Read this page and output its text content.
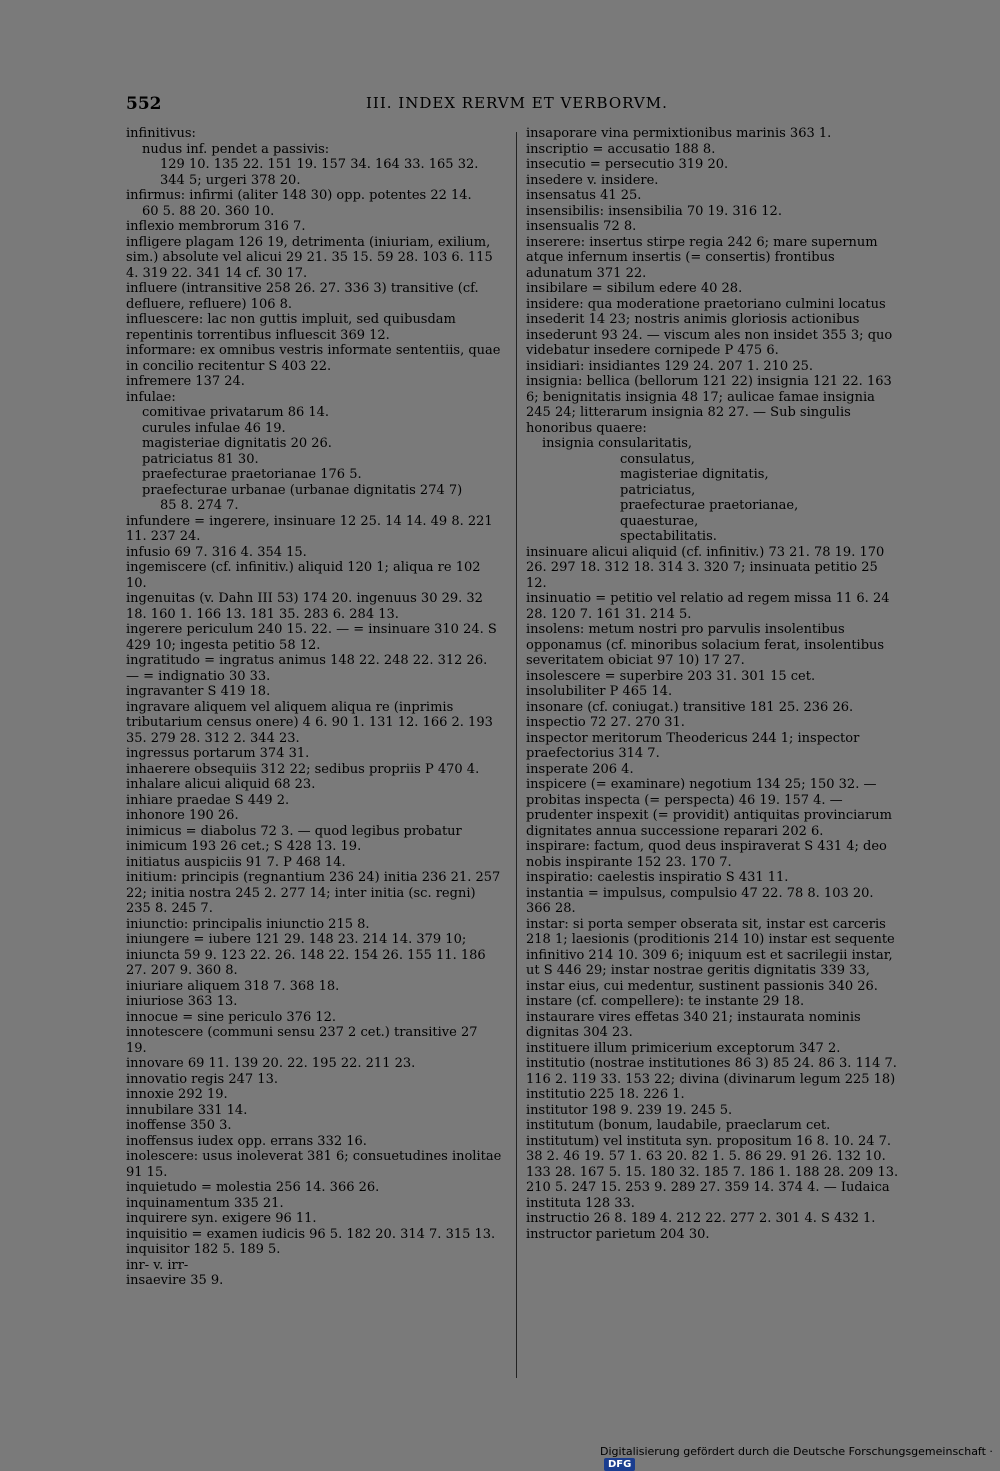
552	III. INDEX RERVM ET VERBORVM.
infinitivus:
nudus inf. pendet a passivis:
129 10. 135 22. 151 19. 157 34. 164 33. 165 32.
344 5; urgeri 378 20.
infirmus: infirmi (aliter 148 30) opp. potentes 22 14.
60 5. 88 20. 360 10.
inflexio membrorum 316 7.
infligere plagam 126 19, detrimenta (iniuriam, exilium, sim.) absolute vel alicui 29 21. 35 15. 59 28. 103 6. 115 4. 319 22. 341 14 cf. 30 17.
influere (intransitive 258 26. 27. 336 3) transitive (cf. defluere, refluere) 106 8.
influescere: lac non guttis impluit, sed quibusdam repentinis torrentibus influescit 369 12.
informare: ex omnibus vestris informate sententiis, quae in concilio recitentur S 403 22.
infremere 137 24.
infulae:
comitivae privatarum 86 14.
curules infulae 46 19.
magisteriae dignitatis 20 26.
patriciatus 81 30.
praefecturae praetorianae 176 5.
praefecturae urbanae (urbanae dignitatis 274 7)
85 8. 274 7.
infundere = ingerere, insinuare 12 25. 14 14. 49 8. 221 11. 237 24.
infusio 69 7. 316 4. 354 15.
ingemiscere (cf. infinitiv.) aliquid 120 1; aliqua re 102 10.
ingenuitas (v. Dahn III 53) 174 20. ingenuus 30 29. 32 18. 160 1. 166 13. 181 35. 283 6. 284 13.
ingerere periculum 240 15. 22. — = insinuare 310 24. S 429 10; ingesta petitio 58 12.
ingratitudo = ingratus animus 148 22. 248 22. 312 26. — = indignatio 30 33.
ingravanter S 419 18.
ingravare aliquem vel aliquem aliqua re (inprimis tributarium census onere) 4 6. 90 1. 131 12. 166 2. 193 35. 279 28. 312 2. 344 23.
ingressus portarum 374 31.
inhaerere obsequiis 312 22; sedibus propriis P 470 4.
inhalare alicui aliquid 68 23.
inhiare praedae S 449 2.
inhonore 190 26.
inimicus = diabolus 72 3. — quod legibus probatur inimicum 193 26 cet.; S 428 13. 19.
initiatus auspiciis 91 7. P 468 14.
initium: principis (regnantium 236 24) initia 236 21. 257 22; initia nostra 245 2. 277 14; inter initia (sc. regni) 235 8. 245 7.
iniunctio: principalis iniunctio 215 8.
iniungere = iubere 121 29. 148 23. 214 14. 379 10; iniuncta 59 9. 123 22. 26. 148 22. 154 26. 155 11. 186 27. 207 9. 360 8.
iniuriare aliquem 318 7. 368 18.
iniuriose 363 13.
innocue = sine periculo 376 12.
innotescere (communi sensu 237 2 cet.) transitive 27 19.
innovare 69 11. 139 20. 22. 195 22. 211 23.
innovatio regis 247 13.
innoxie 292 19.
innubilare 331 14.
inoffense 350 3.
inoffensus iudex opp. errans 332 16.
inolescere: usus inoleverat 381 6; consuetudines inolitae 91 15.
inquietudo = molestia 256 14. 366 26.
inquinamentum 335 21.
inquirere syn. exigere 96 11.
inquisitio = examen iudicis 96 5. 182 20. 314 7. 315 13.
inquisitor 182 5. 189 5.
inr- v. irr-
insaevire 35 9.
insaporare vina permixtionibus marinis 363 1.
inscriptio = accusatio 188 8.
insecutio = persecutio 319 20.
insedere v. insidere.
insensatus 41 25.
insensibilis: insensibilia 70 19. 316 12.
insensualis 72 8.
inserere: insertus stirpe regia 242 6; mare supernum atque infernum insertis (= consertis) frontibus adunatum 371 22.
insibilare = sibilum edere 40 28.
insidere: qua moderatione praetoriano culmini locatus insederit 14 23; nostris animis gloriosis actionibus insederunt 93 24. — viscum ales non insidet 355 3; quo videbatur insedere cornipede P 475 6.
insidiari: insidiantes 129 24. 207 1. 210 25.
insignia: bellica (bellorum 121 22) insignia 121 22. 163 6; benignitatis insignia 48 17; aulicae famae insignia 245 24; litterarum insignia 82 27. — Sub singulis honoribus quaere:
insignia consularitatis,
consulatus,
magisteriae dignitatis,
patriciatus,
praefecturae praetorianae,
quaesturae,
spectabilitatis.
insinuare alicui aliquid (cf. infinitiv.) 73 21. 78 19. 170 26. 297 18. 312 18. 314 3. 320 7; insinuata petitio 25 12.
insinuatio = petitio vel relatio ad regem missa 11 6. 24 28. 120 7. 161 31. 214 5.
insolens: metum nostri pro parvulis insolentibus opponamus (cf. minoribus solacium ferat, insolentibus severitatem obiciat 97 10) 17 27.
insolescere = superbire 203 31. 301 15 cet.
insolubiliter P 465 14.
insonare (cf. coniugat.) transitive 181 25. 236 26.
inspectio 72 27. 270 31.
inspector meritorum Theodericus 244 1; inspector praefectorius 314 7.
insperate 206 4.
inspicere (= examinare) negotium 134 25; 150 32. — probitas inspecta (= perspecta) 46 19. 157 4. — prudenter inspexit (= providit) antiquitas provinciarum dignitates annua successione reparari 202 6.
inspirare: factum, quod deus inspiraverat S 431 4; deo nobis inspirante 152 23. 170 7.
inspiratio: caelestis inspiratio S 431 11.
instantia = impulsus, compulsio 47 22. 78 8. 103 20. 366 28.
instar: si porta semper obserata sit, instar est carceris 218 1; laesionis (proditionis 214 10) instar est sequente infinitivo 214 10. 309 6; iniquum est et sacrilegii instar, ut S 446 29; instar nostrae geritis dignitatis 339 33, instar eius, cui medentur, sustinent passionis 340 26.
instare (cf. compellere): te instante 29 18.
instaurare vires effetas 340 21; instaurata nominis dignitas 304 23.
instituere illum primicerium exceptorum 347 2.
institutio (nostrae institutiones 86 3) 85 24. 86 3. 114 7. 116 2. 119 33. 153 22; divina (divinarum legum 225 18) institutio 225 18. 226 1.
institutor 198 9. 239 19. 245 5.
institutum (bonum, laudabile, praeclarum cet. institutum) vel instituta syn. propositum 16 8. 10. 24 7. 38 2. 46 19. 57 1. 63 20. 82 1. 5. 86 29. 91 26. 132 10. 133 28. 167 5. 15. 180 32. 185 7. 186 1. 188 28. 209 13. 210 5. 247 15. 253 9. 289 27. 359 14. 374 4. — Iudaica instituta 128 33.
instructio 26 8. 189 4. 212 22. 277 2. 301 4. S 432 1.
instructor parietum 204 30.
Digitalisierung gefördert durch die Deutsche Forschungsgemeinschaft · DFG
